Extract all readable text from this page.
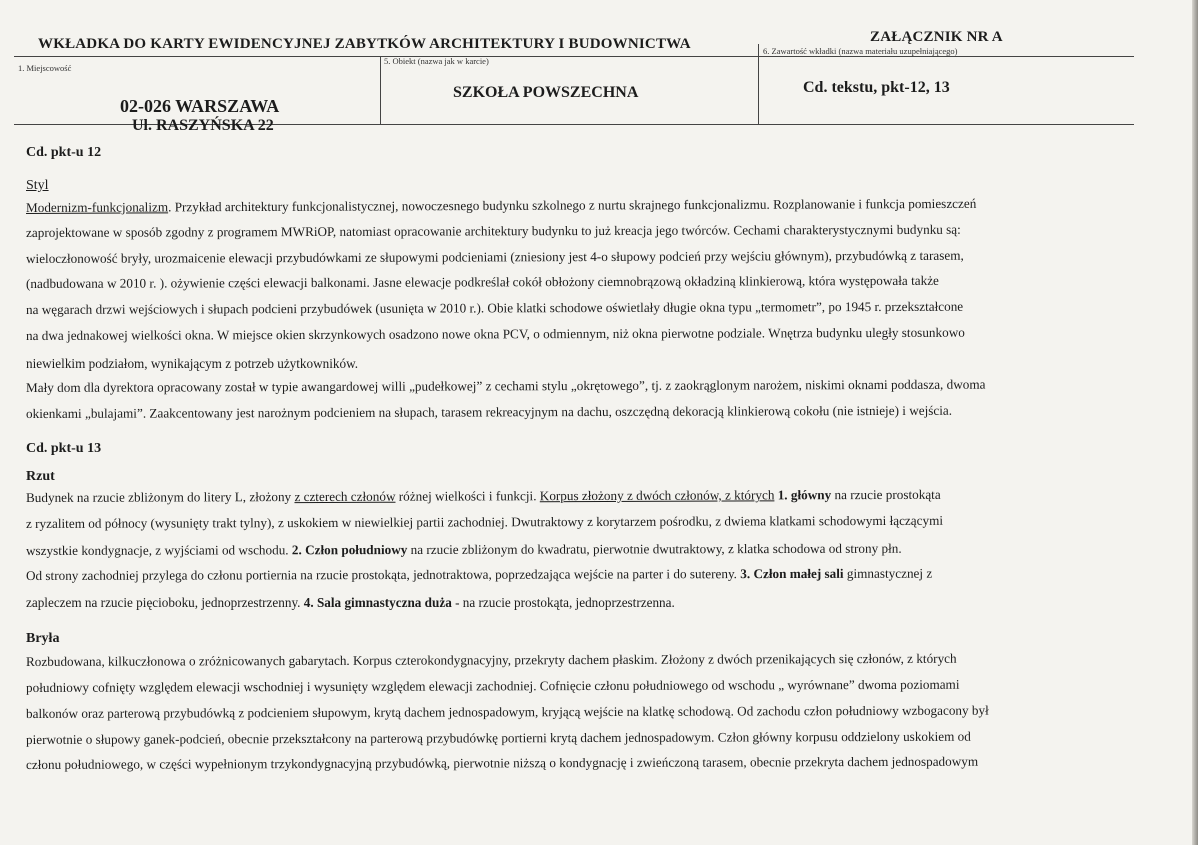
WKŁADKA DO KARTY EWIDENCYJNEJ ZABYTKÓW ARCHITEKTURY I BUDOWNICTWA	ZAŁĄCZNIK NR A
1. Miejscowość
02-026 WARSZAWA
Ul. RASZYŃSKA 22
5. Obiekt (nazwa jak w karcie)
SZKOŁA POWSZECHNA
6. Zawartość wkładki (nazwa materiału uzupełniającego)
Cd. tekstu, pkt-12, 13
Cd. pkt-u 12
Styl
Modernizm-funkcjonalizm. Przykład architektury funkcjonalistycznej, nowoczesnego budynku szkolnego z nurtu skrajnego funkcjonalizmu. Rozplanowanie i funkcja pomieszczeń
zaprojektowane w sposób zgodny z programem MWRiOP, natomiast opracowanie architektury budynku to już kreacja jego twórców. Cechami charakterystycznymi budynku są:
wieloczłonowość bryły, urozmaicenie elewacji przybudówkami ze słupowymi podcieniami (zniesiony jest 4-o słupowy podcień przy wejściu głównym), przybudówką z tarasem,
(nadbudowana w 2010 r. ). ożywienie części elewacji balkonami. Jasne elewacje podkreślał cokół obłożony ciemnobrązową okładziną klinkierową, która występowała także
na węgarach drzwi wejściowych i słupach podcieni przybudówek (usunięta w 2010 r.). Obie klatki schodowe oświetlały długie okna typu „termometr”, po 1945 r. przekształcone
na dwa jednakowej wielkości okna. W miejsce okien skrzynkowych osadzono nowe okna PCV, o odmiennym, niż okna pierwotne podziale. Wnętrza budynku uległy stosunkowo
niewielkim podziałom, wynikającym z potrzeb użytkowników.
Mały dom dla dyrektora opracowany został w typie awangardowej willi „pudełkowej” z cechami stylu „okrętowego”, tj. z zaokrąglonym narożem, niskimi oknami poddasza, dwoma
okienkami „bulajami”. Zaakcentowany jest narożnym podcieniem na słupach, tarasem rekreacyjnym na dachu, oszczędną dekoracją klinkierową cokołu (nie istnieje) i wejścia.
Cd. pkt-u 13
Rzut
Budynek na rzucie zbliżonym do litery L, złożony z czterech członów różnej wielkości i funkcji. Korpus złożony z dwóch członów, z których 1. główny na rzucie prostokąta
z ryzalitem od północy (wysunięty trakt tylny), z uskokiem w niewielkiej partii zachodniej. Dwutraktowy z korytarzem pośrodku, z dwiema klatkami schodowymi łączącymi
wszystkie kondygnacje, z wyjściami od wschodu. 2. Człon południowy na rzucie zbliżonym do kwadratu, pierwotnie dwutraktowy, z klatka schodowa od strony płn.
Od strony zachodniej przylega do członu portiernia na rzucie prostokąta, jednotraktowa, poprzedzająca wejście na parter i do sutereny. 3. Człon małej sali gimnastycznej z
zapleczem na rzucie pięcioboku, jednoprzestrzenny. 4. Sala gimnastyczna duża - na rzucie prostokąta, jednoprzestrzenna.
Bryła
Rozbudowana, kilkuczłonowa o zróżnicowanych gabarytach. Korpus czterokondygnacyjny, przekryty dachem płaskim. Złożony z dwóch przenikających się członów, z których
południowy cofnięty względem elewacji wschodniej i wysunięty względem elewacji zachodniej. Cofnięcie członu południowego od wschodu „ wyrównane” dwoma poziomami
balkonów oraz parterową przybudówką z podcieniem słupowym, krytą dachem jednospadowym, kryjącą wejście na klatkę schodową. Od zachodu człon południowy wzbogacony był
pierwotnie o słupowy ganek-podcień, obecnie przekształcony na parterową przybudówkę portierni krytą dachem jednospadowym. Człon główny korpusu oddzielony uskokiem od
członu południowego, w części wypełnionym trzykondygnacyjną przybudówką, pierwotnie niższą o kondygnację i zwieńczoną tarasem, obecnie przekryta dachem jednospadowym
